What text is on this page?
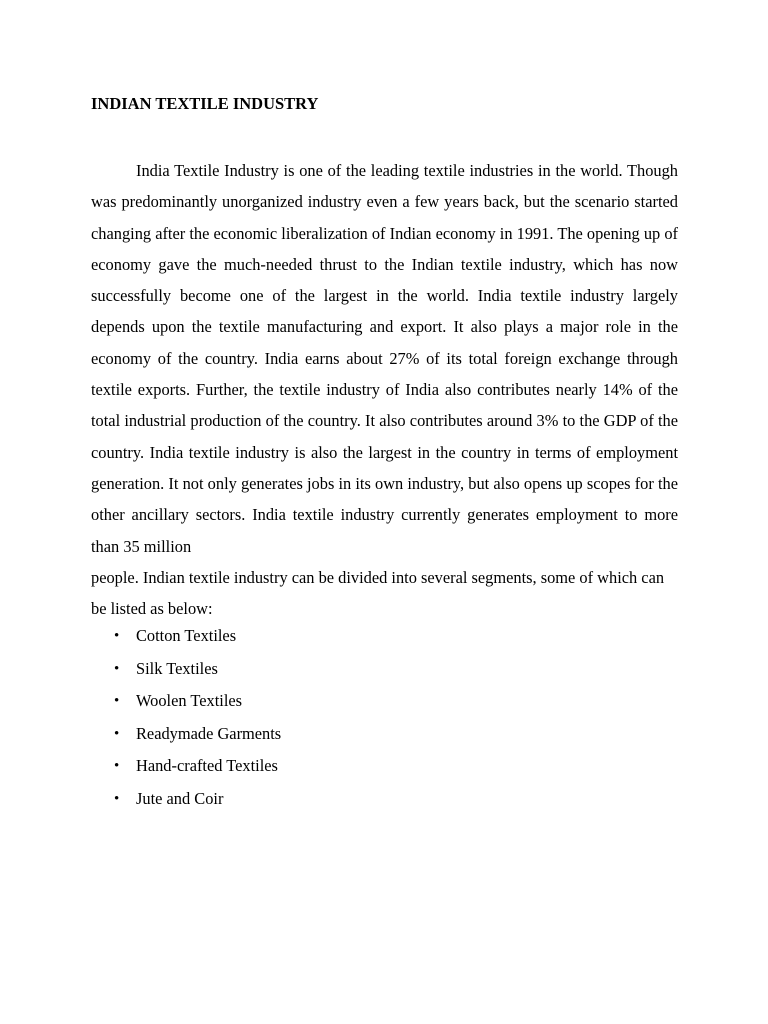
INDIAN TEXTILE INDUSTRY

India Textile Industry is one of the leading textile industries in the world. Though was predominantly unorganized industry even a few years back, but the scenario started changing after the economic liberalization of Indian economy in 1991. The opening up of economy gave the much-needed thrust to the Indian textile industry, which has now successfully become one of the largest in the world. India textile industry largely depends upon the textile manufacturing and export. It also plays a major role in the economy of the country. India earns about 27% of its total foreign exchange through textile exports. Further, the textile industry of India also contributes nearly 14% of the total industrial production of the country. It also contributes around 3% to the GDP of the country. India textile industry is also the largest in the country in terms of employment generation. It not only generates jobs in its own industry, but also opens up scopes for the other ancillary sectors. India textile industry currently generates employment to more than 35 million

people. Indian textile industry can be divided into several segments, some of which can be listed as below:

• Cotton Textiles
• Silk Textiles
• Woolen Textiles
• Readymade Garments
• Hand-crafted Textiles
• Jute and Coir
